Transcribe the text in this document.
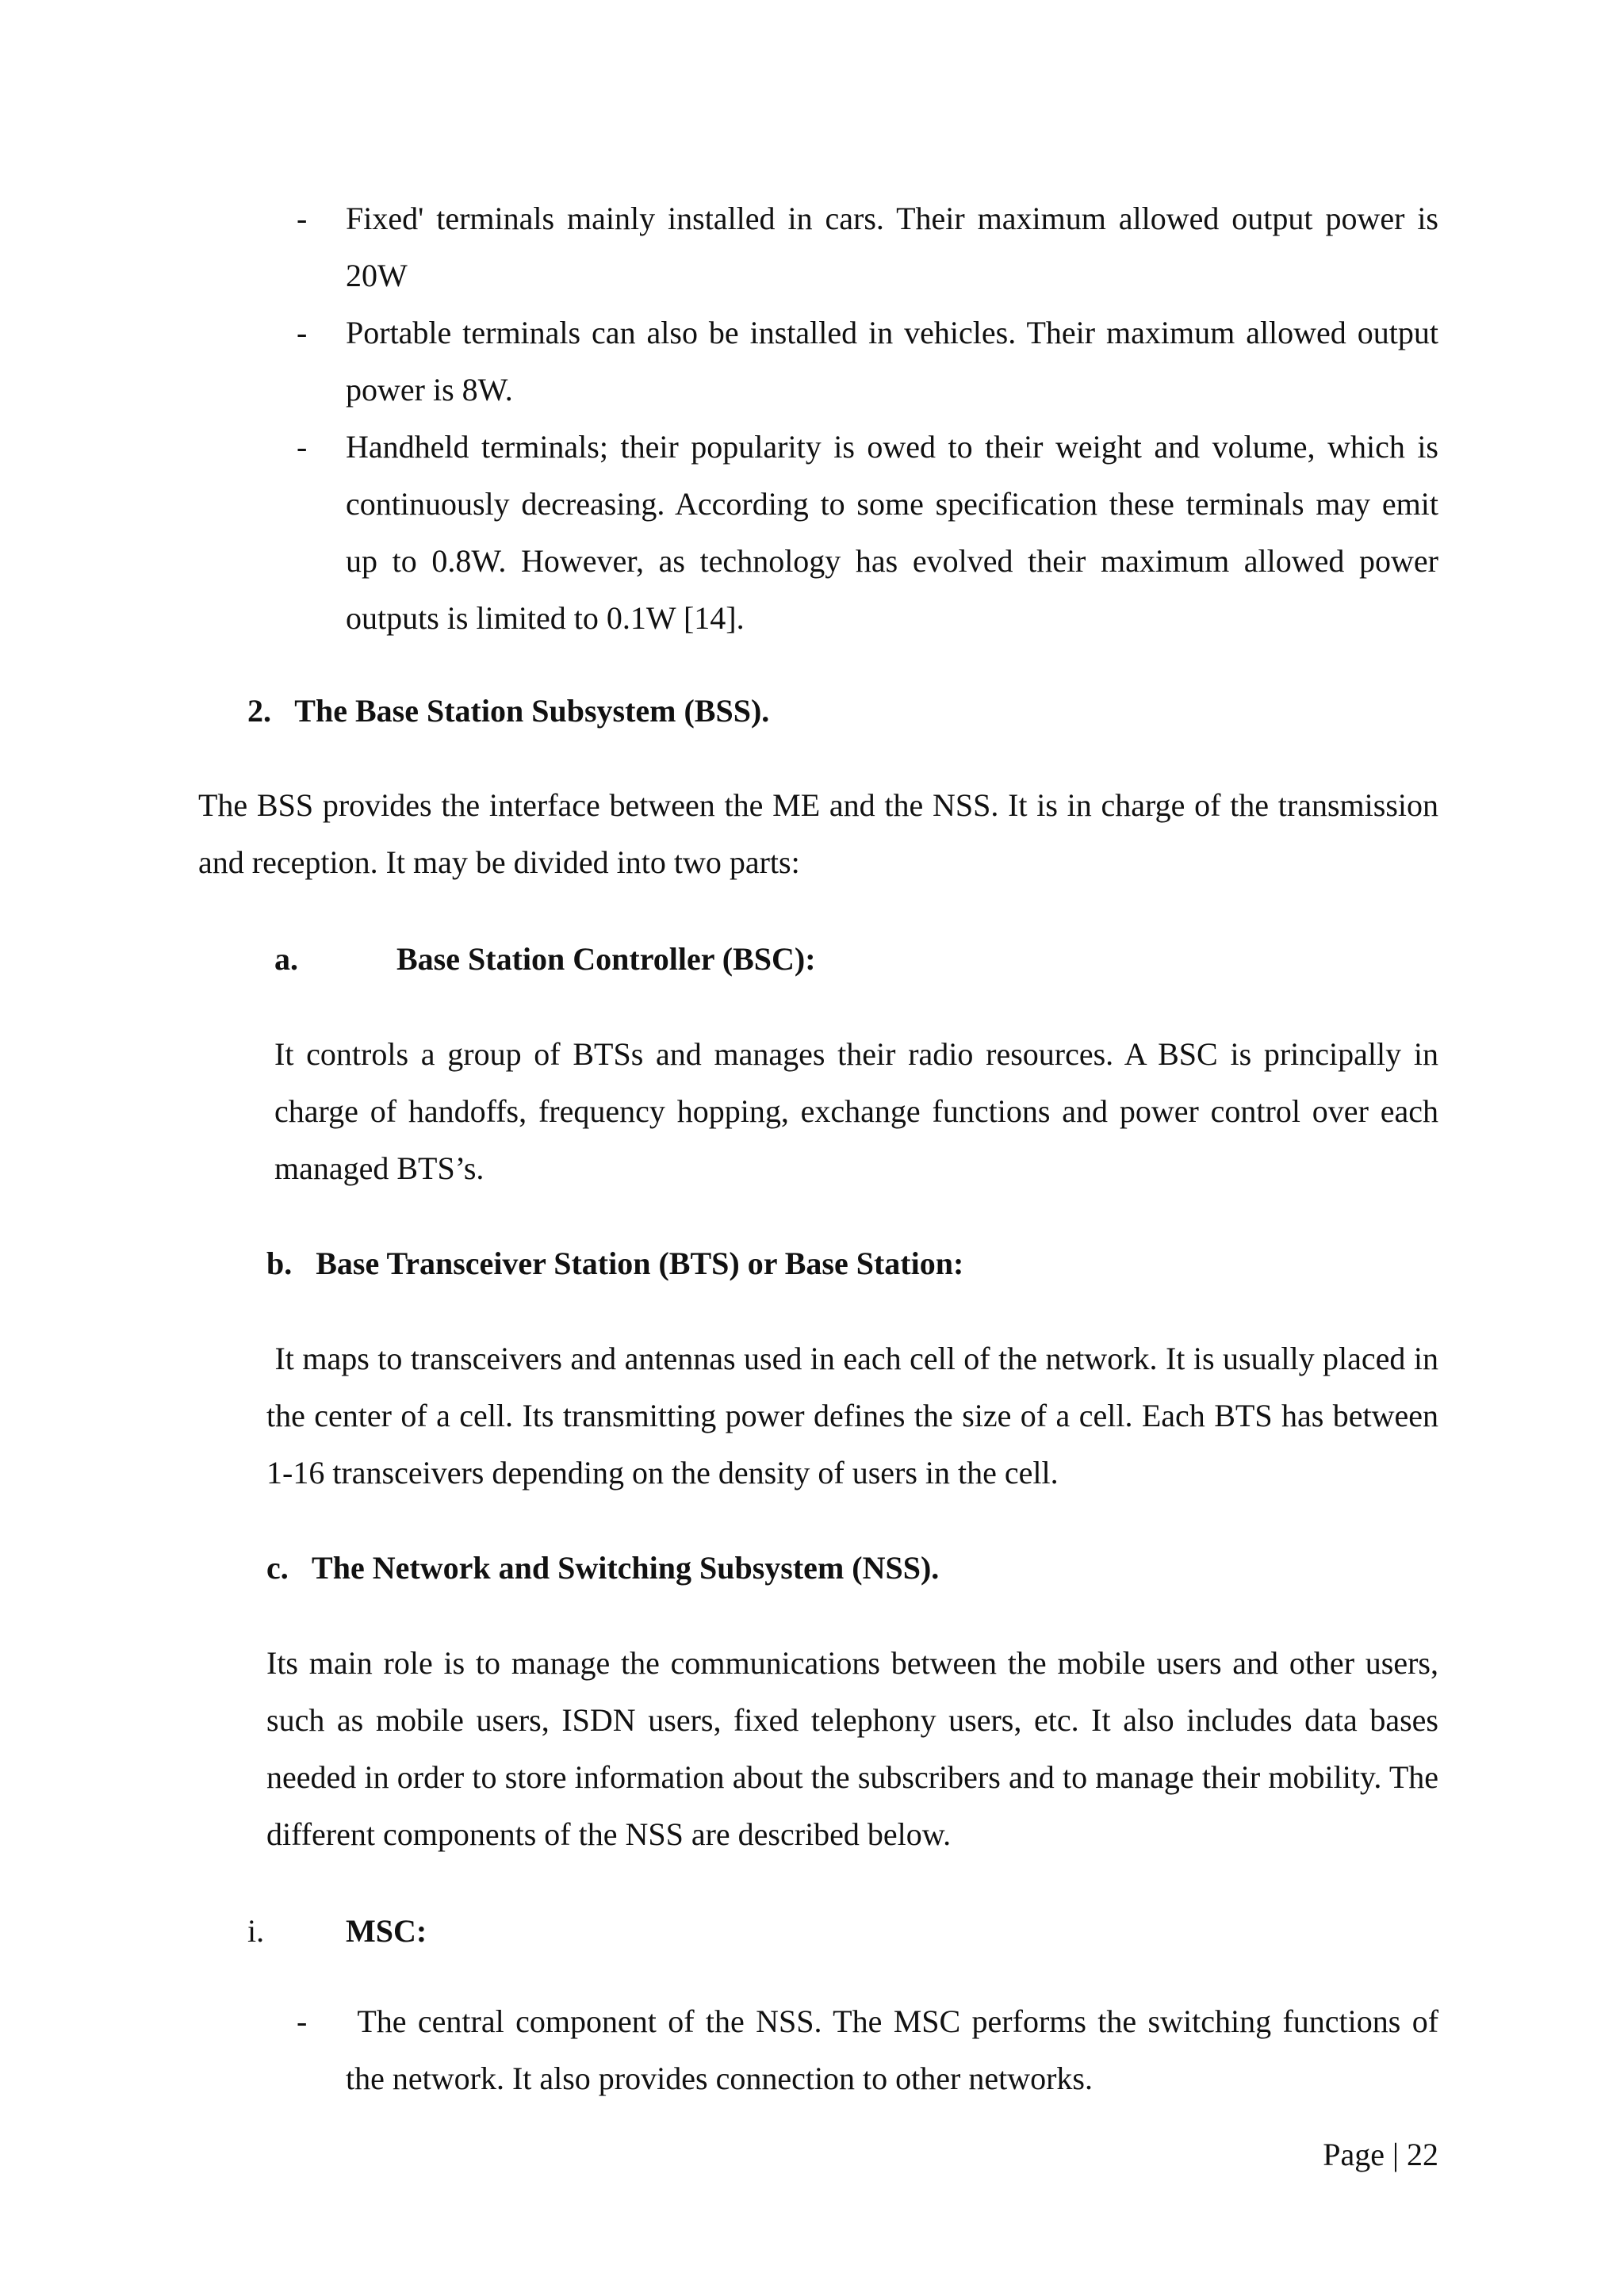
- Fixed' terminals mainly installed in cars. Their maximum allowed output power is 20W

- Portable terminals can also be installed in vehicles. Their maximum allowed output power is 8W.

- Handheld terminals; their popularity is owed to their weight and volume, which is continuously decreasing. According to some specification these terminals may emit up to 0.8W. However, as technology has evolved their maximum allowed power outputs is limited to 0.1W [14].

2. The Base Station Subsystem (BSS).

The BSS provides the interface between the ME and the NSS. It is in charge of the transmission and reception. It may be divided into two parts:

a.	Base Station Controller (BSC):

It controls a group of BTSs and manages their radio resources. A BSC is principally in charge of handoffs, frequency hopping, exchange functions and power control over each managed BTS’s.

b. Base Transceiver Station (BTS) or Base Station:

It maps to transceivers and antennas used in each cell of the network. It is usually placed in the center of a cell. Its transmitting power defines the size of a cell. Each BTS has between 1-16 transceivers depending on the density of users in the cell.

c. The Network and Switching Subsystem (NSS).

Its main role is to manage the communications between the mobile users and other users, such as mobile users, ISDN users, fixed telephony users, etc. It also includes data bases needed in order to store information about the subscribers and to manage their mobility. The different components of the NSS are described below.

i.	MSC:
- The central component of the NSS. The MSC performs the switching functions of the network. It also provides connection to other networks.

Page | 22
